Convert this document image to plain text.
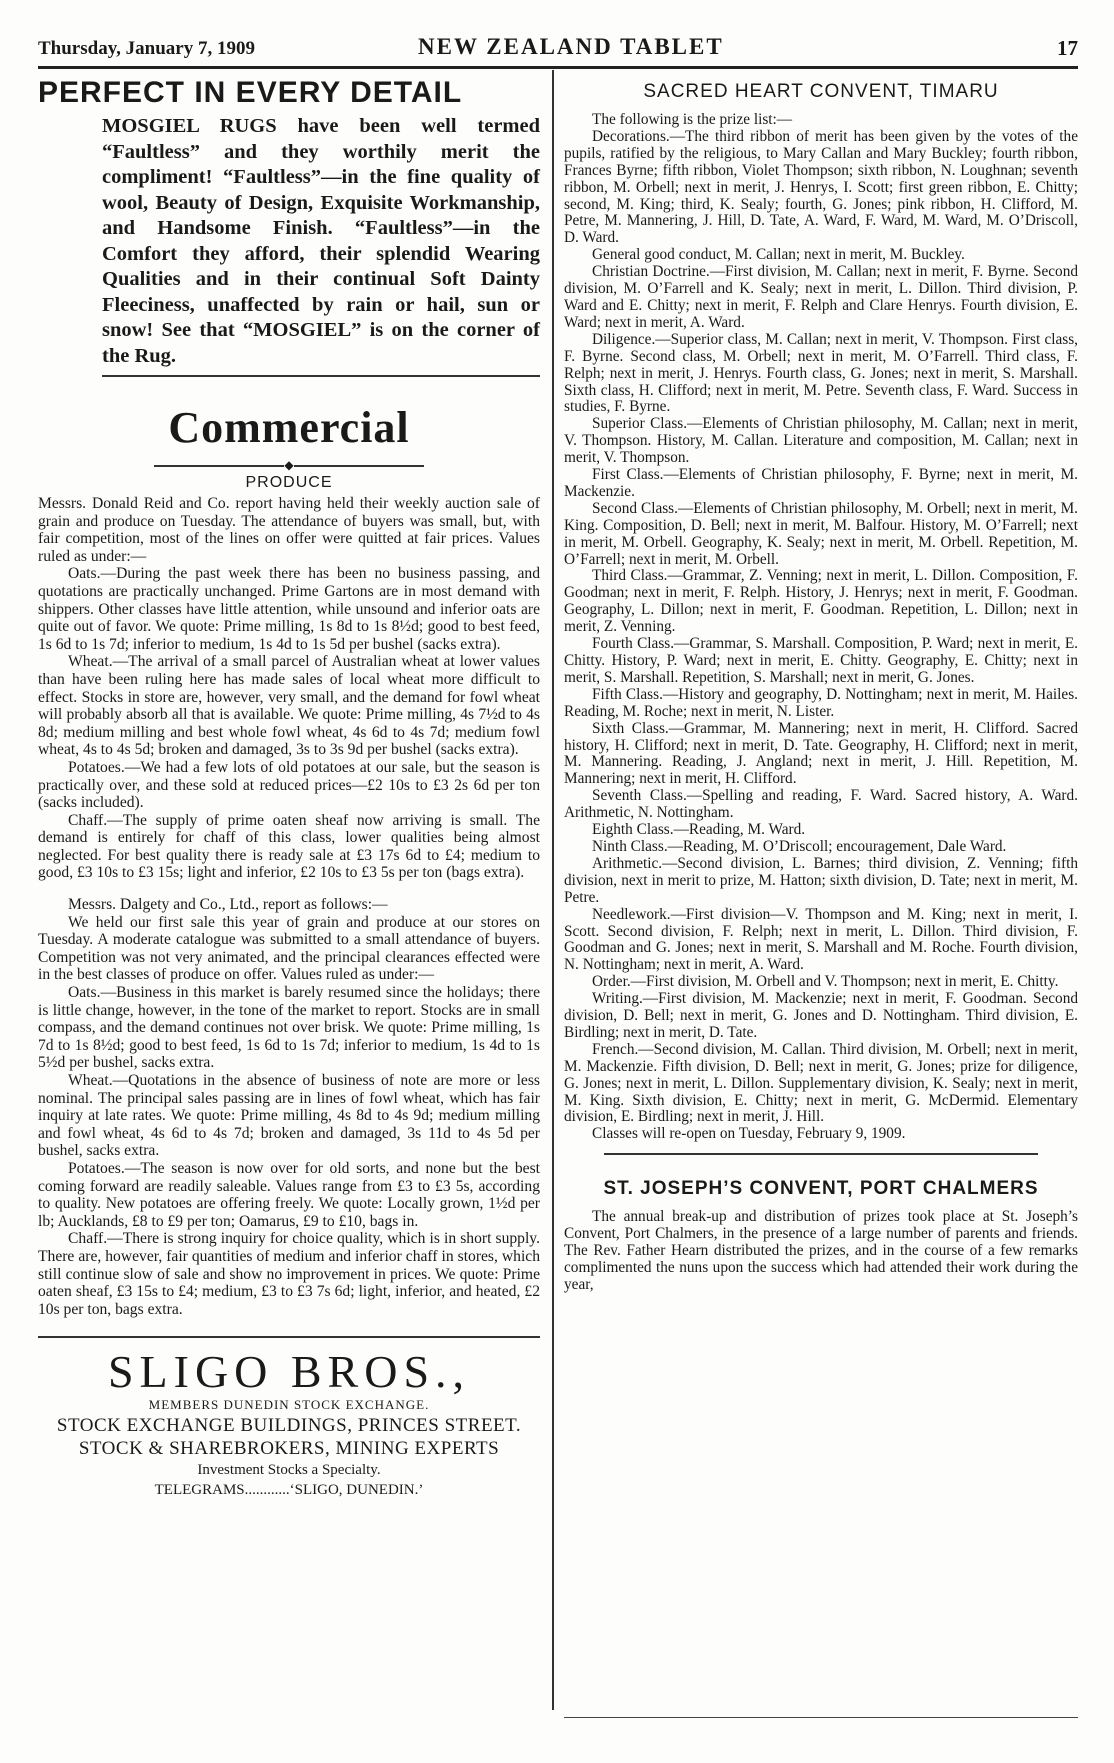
Thursday, January 7, 1909	NEW ZEALAND TABLET	17
PERFECT IN EVERY DETAIL
MOSGIEL RUGS have been well termed “Faultless” and they worthily merit the compliment! “Faultless”—in the fine quality of wool, Beauty of Design, Exquisite Workmanship, and Handsome Finish. “Faultless”—in the Comfort they afford, their splendid Wearing Qualities and in their continual Soft Dainty Fleeciness, unaffected by rain or hail, sun or snow! See that “MOSGIEL” is on the corner of the Rug.
Commercial
◆
PRODUCE

Messrs. Donald Reid and Co. report having held their weekly auction sale of grain and produce on Tuesday. The attendance of buyers was small, but, with fair competition, most of the lines on offer were quitted at fair prices. Values ruled as under:—

Oats.—During the past week there has been no business passing, and quotations are practically unchanged. Prime Gartons are in most demand with shippers. Other classes have little attention, while unsound and inferior oats are quite out of favor. We quote: Prime milling, 1s 8d to 1s 8½d; good to best feed, 1s 6d to 1s 7d; inferior to medium, 1s 4d to 1s 5d per bushel (sacks extra).

Wheat.—The arrival of a small parcel of Australian wheat at lower values than have been ruling here has made sales of local wheat more difficult to effect. Stocks in store are, however, very small, and the demand for fowl wheat will probably absorb all that is available. We quote: Prime milling, 4s 7½d to 4s 8d; medium milling and best whole fowl wheat, 4s 6d to 4s 7d; medium fowl wheat, 4s to 4s 5d; broken and damaged, 3s to 3s 9d per bushel (sacks extra).

Potatoes.—We had a few lots of old potatoes at our sale, but the season is practically over, and these sold at reduced prices—£2 10s to £3 2s 6d per ton (sacks included).

Chaff.—The supply of prime oaten sheaf now arriving is small. The demand is entirely for chaff of this class, lower qualities being almost neglected. For best quality there is ready sale at £3 17s 6d to £4; medium to good, £3 10s to £3 15s; light and inferior, £2 10s to £3 5s per ton (bags extra).

Messrs. Dalgety and Co., Ltd., report as follows:—

We held our first sale this year of grain and produce at our stores on Tuesday. A moderate catalogue was submitted to a small attendance of buyers. Competition was not very animated, and the principal clearances effected were in the best classes of produce on offer. Values ruled as under:—

Oats.—Business in this market is barely resumed since the holidays; there is little change, however, in the tone of the market to report. Stocks are in small compass, and the demand continues not over brisk. We quote: Prime milling, 1s 7d to 1s 8½d; good to best feed, 1s 6d to 1s 7d; inferior to medium, 1s 4d to 1s 5½d per bushel, sacks extra.

Wheat.—Quotations in the absence of business of note are more or less nominal. The principal sales passing are in lines of fowl wheat, which has fair inquiry at late rates. We quote: Prime milling, 4s 8d to 4s 9d; medium milling and fowl wheat, 4s 6d to 4s 7d; broken and damaged, 3s 11d to 4s 5d per bushel, sacks extra.

Potatoes.—The season is now over for old sorts, and none but the best coming forward are readily saleable. Values range from £3 to £3 5s, according to quality. New potatoes are offering freely. We quote: Locally grown, 1½d per lb; Aucklands, £8 to £9 per ton; Oamarus, £9 to £10, bags in.

Chaff.—There is strong inquiry for choice quality, which is in short supply. There are, however, fair quantities of medium and inferior chaff in stores, which still continue slow of sale and show no improvement in prices. We quote: Prime oaten sheaf, £3 15s to £4; medium, £3 to £3 7s 6d; light, inferior, and heated, £2 10s per ton, bags extra.

SLIGO BROS.,
MEMBERS DUNEDIN STOCK EXCHANGE.
STOCK EXCHANGE BUILDINGS, PRINCES STREET.
STOCK & SHAREBROKERS, MINING EXPERTS
Investment Stocks a Specialty.
TELEGRAMS............‘SLIGO, DUNEDIN.’
SACRED HEART CONVENT, TIMARU

The following is the prize list:—

Decorations.—The third ribbon of merit has been given by the votes of the pupils, ratified by the religious, to Mary Callan and Mary Buckley; fourth ribbon, Frances Byrne; fifth ribbon, Violet Thompson; sixth ribbon, N. Loughnan; seventh ribbon, M. Orbell; next in merit, J. Henrys, I. Scott; first green ribbon, E. Chitty; second, M. King; third, K. Sealy; fourth, G. Jones; pink ribbon, H. Clifford, M. Petre, M. Mannering, J. Hill, D. Tate, A. Ward, F. Ward, M. Ward, M. O’Driscoll, D. Ward.

General good conduct, M. Callan; next in merit, M. Buckley.

Christian Doctrine.—First division, M. Callan; next in merit, F. Byrne. Second division, M. O’Farrell and K. Sealy; next in merit, L. Dillon. Third division, P. Ward and E. Chitty; next in merit, F. Relph and Clare Henrys. Fourth division, E. Ward; next in merit, A. Ward.

Diligence.—Superior class, M. Callan; next in merit, V. Thompson. First class, F. Byrne. Second class, M. Orbell; next in merit, M. O’Farrell. Third class, F. Relph; next in merit, J. Henrys. Fourth class, G. Jones; next in merit, S. Marshall. Sixth class, H. Clifford; next in merit, M. Petre. Seventh class, F. Ward. Success in studies, F. Byrne.

Superior Class.—Elements of Christian philosophy, M. Callan; next in merit, V. Thompson. History, M. Callan. Literature and composition, M. Callan; next in merit, V. Thompson.

First Class.—Elements of Christian philosophy, F. Byrne; next in merit, M. Mackenzie.

Second Class.—Elements of Christian philosophy, M. Orbell; next in merit, M. King. Composition, D. Bell; next in merit, M. Balfour. History, M. O’Farrell; next in merit, M. Orbell. Geography, K. Sealy; next in merit, M. Orbell. Repetition, M. O’Farrell; next in merit, M. Orbell.

Third Class.—Grammar, Z. Venning; next in merit, L. Dillon. Composition, F. Goodman; next in merit, F. Relph. History, J. Henrys; next in merit, F. Goodman. Geography, L. Dillon; next in merit, F. Goodman. Repetition, L. Dillon; next in merit, Z. Venning.

Fourth Class.—Grammar, S. Marshall. Composition, P. Ward; next in merit, E. Chitty. History, P. Ward; next in merit, E. Chitty. Geography, E. Chitty; next in merit, S. Marshall. Repetition, S. Marshall; next in merit, G. Jones.

Fifth Class.—History and geography, D. Nottingham; next in merit, M. Hailes. Reading, M. Roche; next in merit, N. Lister.

Sixth Class.—Grammar, M. Mannering; next in merit, H. Clifford. Sacred history, H. Clifford; next in merit, D. Tate. Geography, H. Clifford; next in merit, M. Mannering. Reading, J. Angland; next in merit, J. Hill. Repetition, M. Mannering; next in merit, H. Clifford.

Seventh Class.—Spelling and reading, F. Ward. Sacred history, A. Ward. Arithmetic, N. Nottingham.

Eighth Class.—Reading, M. Ward.

Ninth Class.—Reading, M. O’Driscoll; encouragement, Dale Ward.

Arithmetic.—Second division, L. Barnes; third division, Z. Venning; fifth division, next in merit to prize, M. Hatton; sixth division, D. Tate; next in merit, M. Petre.

Needlework.—First division—V. Thompson and M. King; next in merit, I. Scott. Second division, F. Relph; next in merit, L. Dillon. Third division, F. Goodman and G. Jones; next in merit, S. Marshall and M. Roche. Fourth division, N. Nottingham; next in merit, A. Ward.

Order.—First division, M. Orbell and V. Thompson; next in merit, E. Chitty.

Writing.—First division, M. Mackenzie; next in merit, F. Goodman. Second division, D. Bell; next in merit, G. Jones and D. Nottingham. Third division, E. Birdling; next in merit, D. Tate.

French.—Second division, M. Callan. Third division, M. Orbell; next in merit, M. Mackenzie. Fifth division, D. Bell; next in merit, G. Jones; prize for diligence, G. Jones; next in merit, L. Dillon. Supplementary division, K. Sealy; next in merit, M. King. Sixth division, E. Chitty; next in merit, G. McDermid. Elementary division, E. Birdling; next in merit, J. Hill.

Classes will re-open on Tuesday, February 9, 1909.

ST. JOSEPH’S CONVENT, PORT CHALMERS

The annual break-up and distribution of prizes took place at St. Joseph’s Convent, Port Chalmers, in the presence of a large number of parents and friends. The Rev. Father Hearn distributed the prizes, and in the course of a few remarks complimented the nuns upon the success which had attended their work during the year,
